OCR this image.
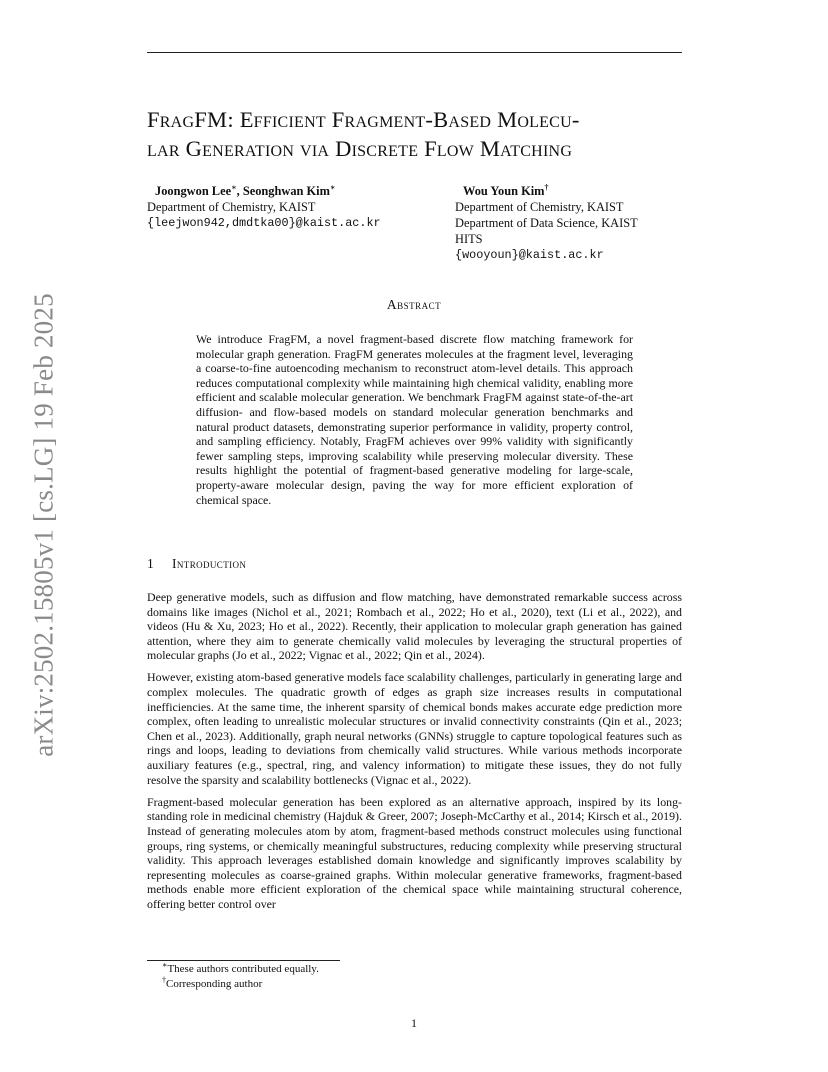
arXiv:2502.15805v1 [cs.LG] 19 Feb 2025
FragFM: Efficient Fragment-Based Molecu-
lar Generation via Discrete Flow Matching
Joongwon Lee∗, Seonghwan Kim∗
Department of Chemistry, KAIST
{leejwon942,dmdtka00}@kaist.ac.kr
Wou Youn Kim†
Department of Chemistry, KAIST
Department of Data Science, KAIST
HITS
{wooyoun}@kaist.ac.kr
Abstract
We introduce FragFM, a novel fragment-based discrete flow matching framework for molecular graph generation. FragFM generates molecules at the fragment level, leveraging a coarse-to-fine autoencoding mechanism to reconstruct atom-level details. This approach reduces computational complexity while maintaining high chemical validity, enabling more efficient and scalable molecular generation. We benchmark FragFM against state-of-the-art diffusion- and flow-based models on standard molecular generation benchmarks and natural product datasets, demonstrating superior performance in validity, property control, and sampling efficiency. Notably, FragFM achieves over 99% validity with significantly fewer sampling steps, improving scalability while preserving molecular diversity. These results highlight the potential of fragment-based generative modeling for large-scale, property-aware molecular design, paving the way for more efficient exploration of chemical space.
1 Introduction

Deep generative models, such as diffusion and flow matching, have demonstrated remarkable success across domains like images (Nichol et al., 2021; Rombach et al., 2022; Ho et al., 2020), text (Li et al., 2022), and videos (Hu & Xu, 2023; Ho et al., 2022). Recently, their application to molecular graph generation has gained attention, where they aim to generate chemically valid molecules by leveraging the structural properties of molecular graphs (Jo et al., 2022; Vignac et al., 2022; Qin et al., 2024).

However, existing atom-based generative models face scalability challenges, particularly in generating large and complex molecules. The quadratic growth of edges as graph size increases results in computational inefficiencies. At the same time, the inherent sparsity of chemical bonds makes accurate edge prediction more complex, often leading to unrealistic molecular structures or invalid connectivity constraints (Qin et al., 2023; Chen et al., 2023). Additionally, graph neural networks (GNNs) struggle to capture topological features such as rings and loops, leading to deviations from chemically valid structures. While various methods incorporate auxiliary features (e.g., spectral, ring, and valency information) to mitigate these issues, they do not fully resolve the sparsity and scalability bottlenecks (Vignac et al., 2022).

Fragment-based molecular generation has been explored as an alternative approach, inspired by its long-standing role in medicinal chemistry (Hajduk & Greer, 2007; Joseph-McCarthy et al., 2014; Kirsch et al., 2019). Instead of generating molecules atom by atom, fragment-based methods construct molecules using functional groups, ring systems, or chemically meaningful substructures, reducing complexity while preserving structural validity. This approach leverages established domain knowledge and significantly improves scalability by representing molecules as coarse-grained graphs. Within molecular generative frameworks, fragment-based methods enable more efficient exploration of the chemical space while maintaining structural coherence, offering better control over

∗These authors contributed equally.
†Corresponding author
1
